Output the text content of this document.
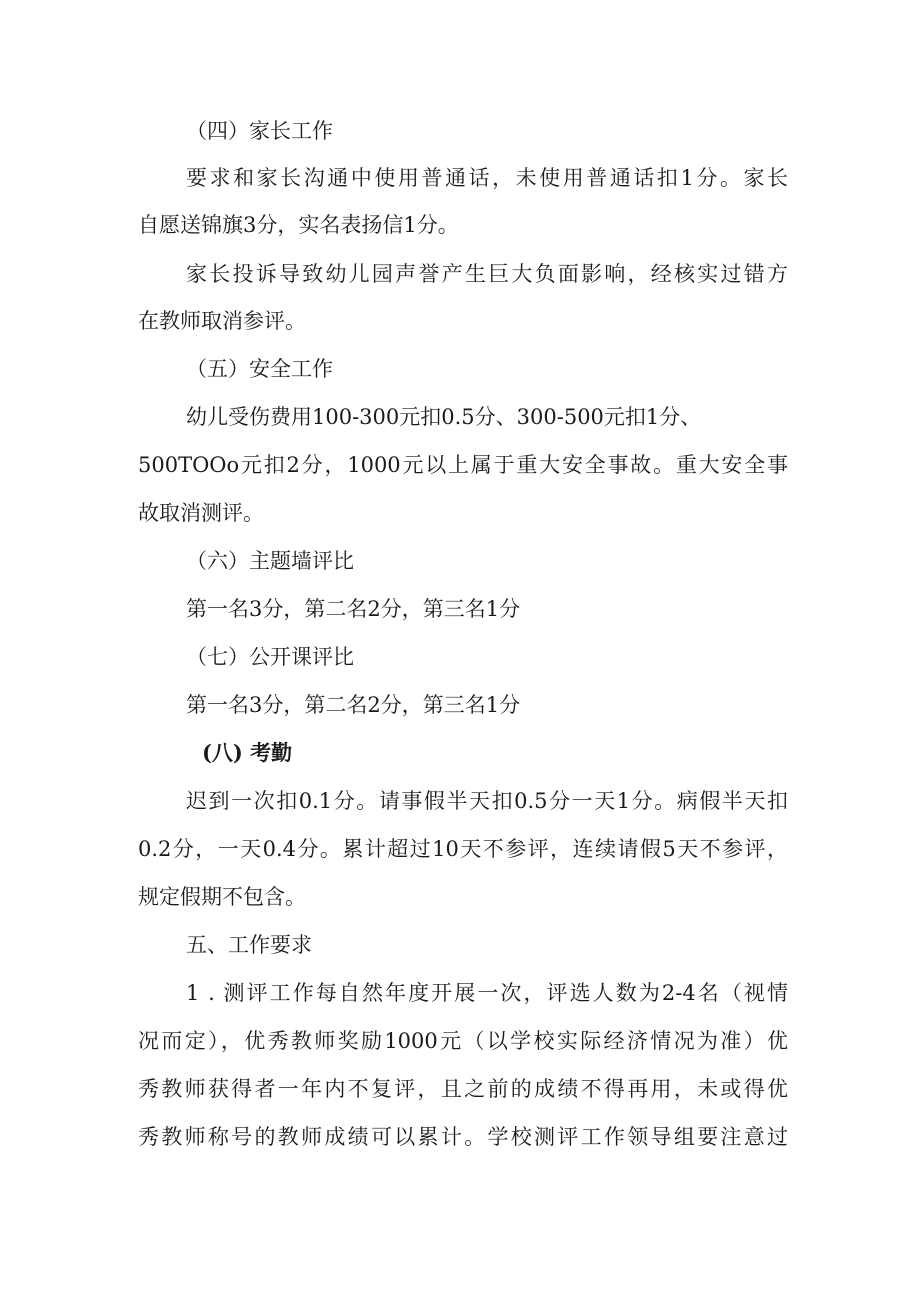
（四）家长工作
要求和家长沟通中使用普通话，未使用普通话扣1分。家长
自愿送锦旗3分，实名表扬信1分。
家长投诉导致幼儿园声誉产生巨大负面影响，经核实过错方
在教师取消参评。
（五）安全工作
幼儿受伤费用100-300元扣0.5分、300-500元扣1分、
500TOOo元扣2分，1000元以上属于重大安全事故。重大安全事
故取消测评。
（六）主题墙评比
第一名3分，第二名2分，第三名1分
（七）公开课评比
第一名3分，第二名2分，第三名1分
(八) 考勤
迟到一次扣0.1分。请事假半天扣0.5分一天1分。病假半天扣
0.2分，一天0.4分。累计超过10天不参评，连续请假5天不参评，
规定假期不包含。
五、工作要求
1 . 测评工作每自然年度开展一次，评选人数为2-4名（视情
况而定），优秀教师奖励1000元（以学校实际经济情况为准）优
秀教师获得者一年内不复评，且之前的成绩不得再用，未或得优
秀教师称号的教师成绩可以累计。学校测评工作领导组要注意过
